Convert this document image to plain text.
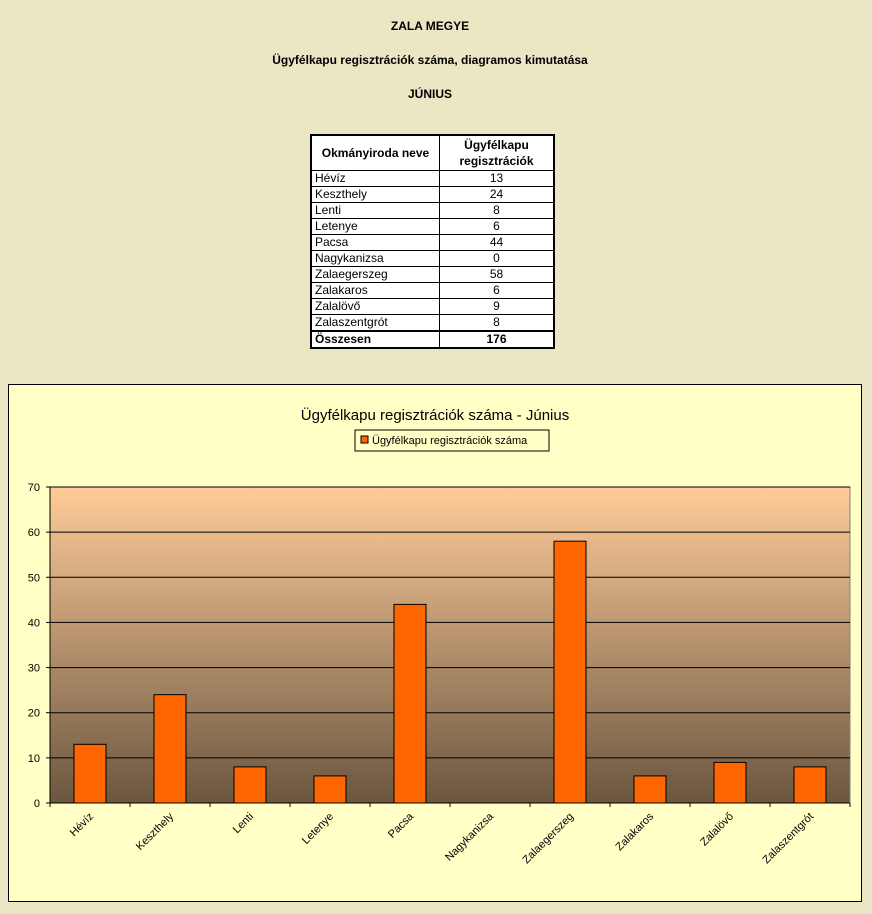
ZALA MEGYE
Ügyfélkapu regisztrációk száma, diagramos kimutatása
JÚNIUS
Okmányiroda neve	Ügyfélkapu
regisztrációk
Hévíz	13
Keszthely	24
Lenti	8
Letenye	6
Pacsa	44
Nagykanizsa	0
Zalaegerszeg	58
Zalakaros	6
Zalalövő	9
Zalaszentgrót	8
Összesen	176
Ügyfélkapu regisztrációk száma - Június
Ügyfélkapu regisztrációk száma
0
10
20
30
40
50
60
70
Hévíz	Keszthely	Lenti	Letenye	Pacsa Nagykanizsa Zalaegerszeg	Zalakaros	Zalalövő Zalaszentgrót
